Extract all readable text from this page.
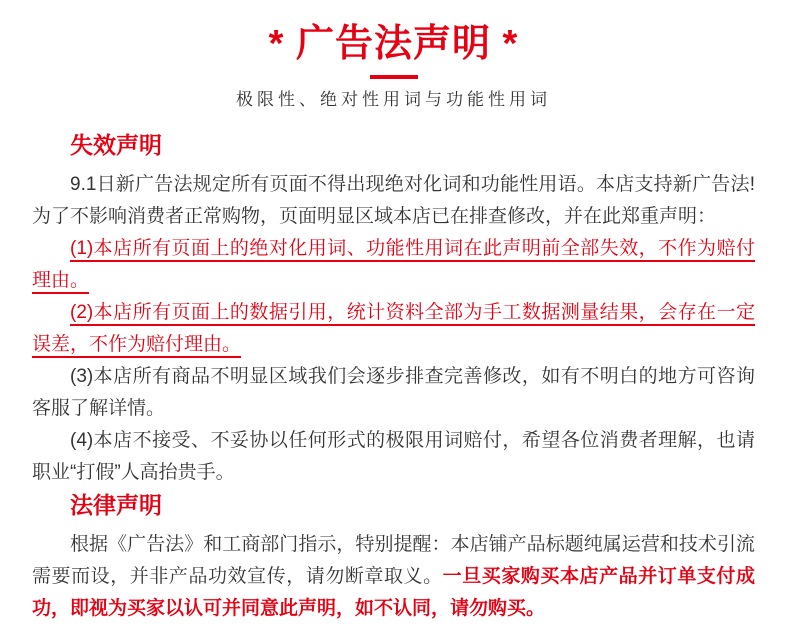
* 广告法声明 *

极限性、绝对性用词与功能性用词

失效声明

9.1日新广告法规定所有页面不得出现绝对化词和功能性用语。本店支持新广告法!为了不影响消费者正常购物，页面明显区域本店已在排查修改，并在此郑重声明：

(1)本店所有页面上的绝对化用词、功能性用词在此声明前全部失效，不作为赔付理由。

(2)本店所有页面上的数据引用，统计资料全部为手工数据测量结果，会存在一定误差，不作为赔付理由。

(3)本店所有商品不明显区域我们会逐步排查完善修改，如有不明白的地方可咨询客服了解详情。

(4)本店不接受、不妥协以任何形式的极限用词赔付，希望各位消费者理解，也请职业“打假”人高抬贵手。

法律声明

根据《广告法》和工商部门指示，特别提醒：本店铺产品标题纯属运营和技术引流需要而设，并非产品功效宣传，请勿断章取义。一旦买家购买本店产品并订单支付成功，即视为买家以认可并同意此声明，如不认同，请勿购买。
